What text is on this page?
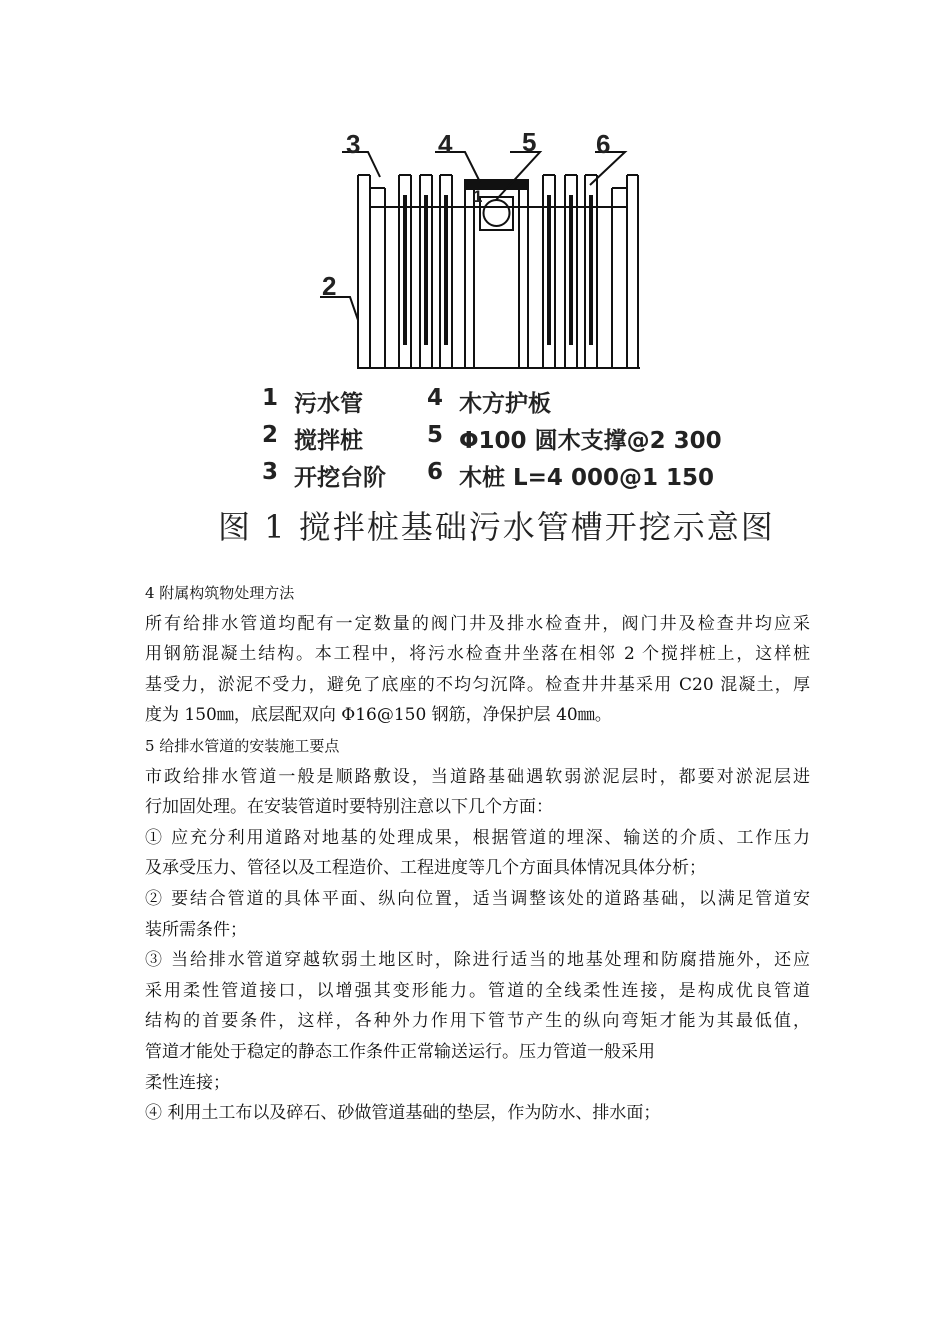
3	4	5 6
2
1
1 污水管	4 木方护板
2 搅拌桩	5 Φ100 圆木支撑@2 300
3 开挖台阶 6 木桩 L=4 000@1 150
图 1 搅拌桩基础污水管槽开挖示意图
4 附属构筑物处理方法
所有给排水管道均配有一定数量的阀门井及排水检查井，阀门井及检查井均应采
用钢筋混凝土结构。本工程中，将污水检查井坐落在相邻 2 个搅拌桩上，这样桩
基受力，淤泥不受力，避免了底座的不均匀沉降。检查井井基采用 C20 混凝土，厚
度为 150㎜，底层配双向 Φ16@150 钢筋，净保护层 40㎜。
5 给排水管道的安装施工要点
市政给排水管道一般是顺路敷设，当道路基础遇软弱淤泥层时，都要对淤泥层进
行加固处理。在安装管道时要特别注意以下几个方面：
① 应充分利用道路对地基的处理成果，根据管道的埋深、输送的介质、工作压力
及承受压力、管径以及工程造价、工程进度等几个方面具体情况具体分析；
② 要结合管道的具体平面、纵向位置，适当调整该处的道路基础，以满足管道安
装所需条件；
③ 当给排水管道穿越软弱土地区时，除进行适当的地基处理和防腐措施外，还应
采用柔性管道接口，以增强其变形能力。管道的全线柔性连接，是构成优良管道
结构的首要条件，这样，各种外力作用下管节产生的纵向弯矩才能为其最低值，
管道才能处于稳定的静态工作条件正常输送运行。压力管道一般采用
柔性连接；
④ 利用土工布以及碎石、砂做管道基础的垫层，作为防水、排水面；
